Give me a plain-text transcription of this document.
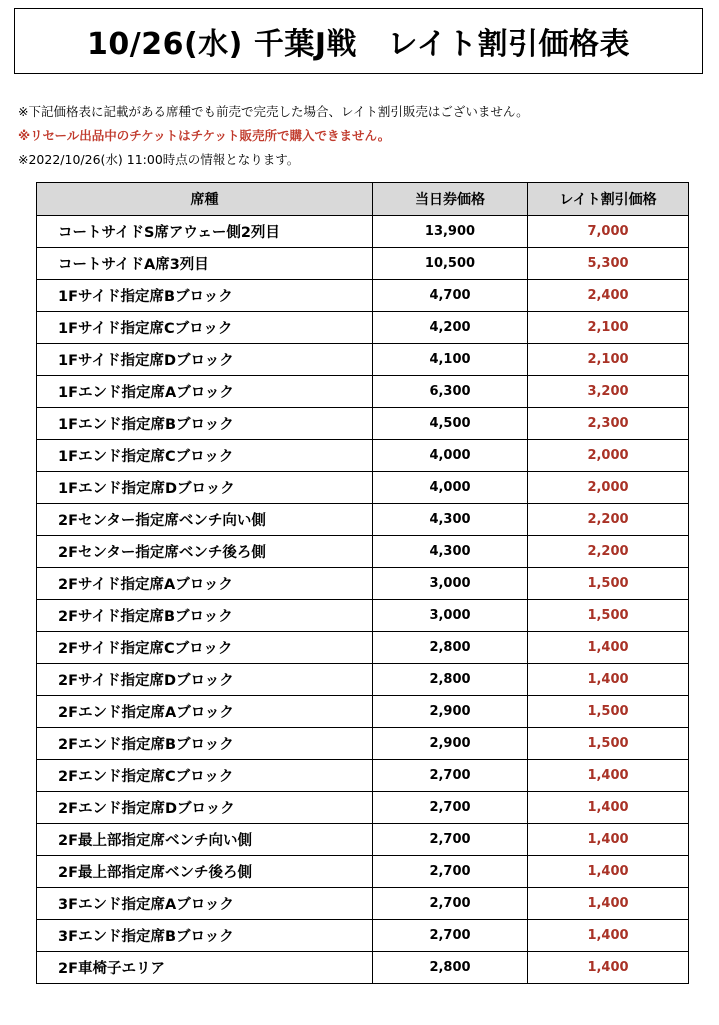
10/26(水) 千葉J戦　レイト割引価格表
※下記価格表に記載がある席種でも前売で完売した場合、レイト割引販売はございません。
※リセール出品中のチケットはチケット販売所で購入できません。
※2022/10/26(水) 11:00時点の情報となります。
席種	当日券価格	レイト割引価格
コートサイドS席アウェー側2列目	13,900	7,000
コートサイドA席3列目	10,500	5,300
1Fサイド指定席Bブロック	4,700	2,400
1Fサイド指定席Cブロック	4,200	2,100
1Fサイド指定席Dブロック	4,100	2,100
1Fエンド指定席Aブロック	6,300	3,200
1Fエンド指定席Bブロック	4,500	2,300
1Fエンド指定席Cブロック	4,000	2,000
1Fエンド指定席Dブロック	4,000	2,000
2Fセンター指定席ベンチ向い側	4,300	2,200
2Fセンター指定席ベンチ後ろ側	4,300	2,200
2Fサイド指定席Aブロック	3,000	1,500
2Fサイド指定席Bブロック	3,000	1,500
2Fサイド指定席Cブロック	2,800	1,400
2Fサイド指定席Dブロック	2,800	1,400
2Fエンド指定席Aブロック	2,900	1,500
2Fエンド指定席Bブロック	2,900	1,500
2Fエンド指定席Cブロック	2,700	1,400
2Fエンド指定席Dブロック	2,700	1,400
2F最上部指定席ベンチ向い側	2,700	1,400
2F最上部指定席ベンチ後ろ側	2,700	1,400
3Fエンド指定席Aブロック	2,700	1,400
3Fエンド指定席Bブロック	2,700	1,400
2F車椅子エリア	2,800	1,400
